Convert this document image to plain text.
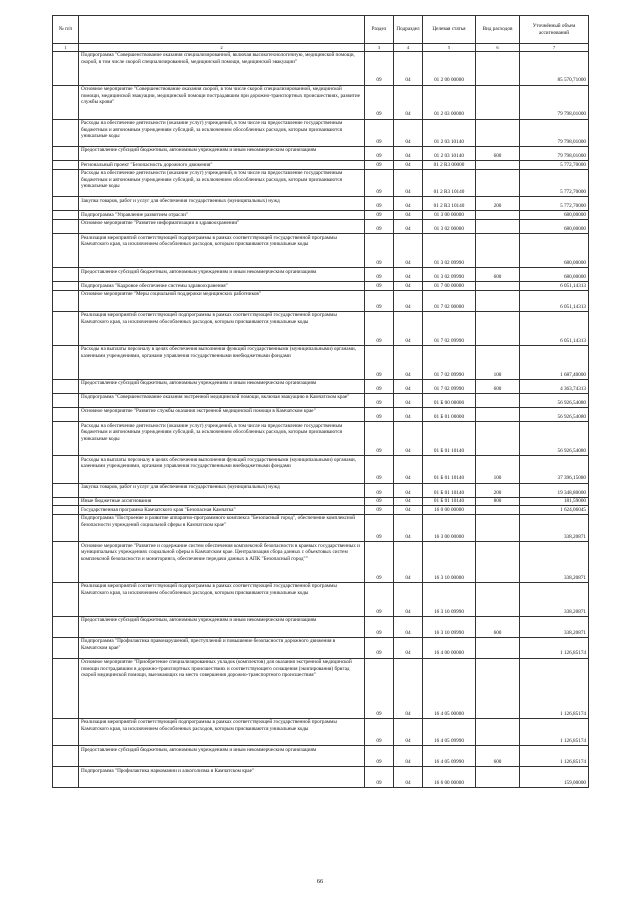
№ п/п		Раздел	Подраздел	Целевая статья	Вид расходов	Уточнённый объем ассигнований
1	2	3	4	5	6	7
	Подпрограмма "Совершенствование оказания специализированной, включая высокотехнологичную, медицинской помощи, скорой, в том числе скорой специализированной, медицинской помощи, медицинской эвакуации"	09	04	01 2 00 00000		85 570,71000
	Основное мероприятие "Совершенствование оказания скорой, в том числе скорой специализированной, медицинской помощи, медицинской эвакуации, медицинской помощи пострадавшим при дорожно-транспортных происшествиях, развитие службы крови"	09	04	01 2 03 00000		79 798,01000
	Расходы на обеспечение деятельности (оказание услуг) учреждений, в том числе на предоставление государственным бюджетным и автономным учреждениям субсидий, за исключением обособленных расходов, которым присваиваются уникальные коды	09	04	01 2 03 10140		79 798,01000
	Предоставление субсидий бюджетным, автономным учреждениям и иным некоммерческим организациям	09	04	01 2 03 10140	600	79 798,01000
	Региональный проект "Безопасность дорожного движения"	09	04	01 2 R3 00000		5 772,70000
	Расходы на обеспечение деятельности (оказание услуг) учреждений, в том числе на предоставление государственным бюджетным и автономным учреждениям субсидий, за исключением обособленных расходов, которым присваиваются уникальные коды	09	04	01 2 R3 10140		5 772,70000
	Закупка товаров, работ и услуг для обеспечения государственных (муниципальных) нужд	09	04	01 2 R3 10140	200	5 772,70000
	Подпрограмма "Управление развитием отрасли"	09	04	01 3 00 00000		680,00000
	Основное мероприятие "Развитие информатизации в здравоохранении"	09	04	01 3 02 00000		680,00000
	Реализация мероприятий соответствующей подпрограммы в рамках соответствующей государственной программы Камчатского края, за исключением обособленных расходов, которым присваиваются уникальные коды	09	04	01 3 02 09990		680,00000
	Предоставление субсидий бюджетным, автономным учреждениям и иным некоммерческим организациям	09	04	01 3 02 09990	600	680,00000
	Подпрограмма "Кадровое обеспечение системы здравоохранения"	09	04	01 7 00 00000		6 051,14313
	Основное мероприятие "Меры социальной поддержки медицинских работников"	09	04	01 7 02 00000		6 051,14313
	Реализация мероприятий соответствующей подпрограммы в рамках соответствующей государственной программы Камчатского края, за исключением обособленных расходов, которым присваиваются уникальные коды	09	04	01 7 02 09990		6 051,14313
	Расходы на выплаты персоналу в целях обеспечения выполнения функций государственными (муниципальными) органами, казенными учреждениями, органами управления государственными внебюджетными фондами	09	04	01 7 02 09990	100	1 687,40000
	Предоставление субсидий бюджетным, автономным учреждениям и иным некоммерческим организациям	09	04	01 7 02 09990	600	4 363,74313
	Подпрограмма "Совершенствование оказания экстренной медицинской помощи, включая эвакуацию в Камчатском крае"	09	04	01 Б 00 00000		56 926,54080
	Основное мероприятие "Развитие службы оказания экстренной медицинской помощи в Камчатском крае"	09	04	01 Б 01 00000		56 926,54080
	Расходы на обеспечение деятельности (оказание услуг) учреждений, в том числе на предоставление государственным бюджетным и автономным учреждениям субсидий, за исключением обособленных расходов, которым присваиваются уникальные коды	09	04	01 Б 01 10140		56 926,54080
	Расходы на выплаты персоналу в целях обеспечения выполнения функций государственными (муниципальными) органами, казенными учреждениями, органами управления государственными внебюджетными фондами	09	04	01 Б 01 10140	100	37 396,15080
	Закупка товаров, работ и услуг для обеспечения государственных (муниципальных) нужд	09	04	01 Б 01 10140	200	19 348,80000
	Иные бюджетные ассигнования	09	04	01 Б 01 10140	800	181,59000
	Государственная программа Камчатского края "Безопасная Камчатка"	09	04	16 0 00 00000		1 624,06045
	Подпрограмма "Построение и развитие аппаратно-программного комплекса "Безопасный город", обеспечение комплексной безопасности учреждений социальной сферы в Камчатском крае"	09	04	16 3 00 00000		338,20871
	Основное мероприятие "Развитие и содержание систем обеспечения комплексной безопасности в краевых государственных и муниципальных учреждениях социальной сферы в Камчатском крае. Централизация сбора данных с объектовых систем комплексной безопасности и мониторинга, обеспечение передачи данных в АПК "Безопасный город""	09	04	16 3 10 00000		338,20871
	Реализация мероприятий соответствующей подпрограммы в рамках соответствующей государственной программы Камчатского края, за исключением обособленных расходов, которым присваиваются уникальные коды	09	04	16 3 10 09990		338,20871
	Предоставление субсидий бюджетным, автономным учреждениям и иным некоммерческим организациям	09	04	16 3 10 09990	600	338,20871
	Подпрограмма "Профилактика правонарушений, преступлений и повышение безопасности дорожного движения в Камчатском крае"	09	04	16 4 00 00000		1 126,85174
	Основное мероприятие "Приобретение специализированных укладок (комплектов) для оказания экстренной медицинской помощи пострадавшим в дорожно-транспортных происшествиях и соответствующего оснащения (экипирования) бригад скорой медицинской помощи, выезжающих на место совершения дорожно-транспортного происшествия"	09	04	16 4 05 00000		1 126,85174
	Реализация мероприятий соответствующей подпрограммы в рамках соответствующей государственной программы Камчатского края, за исключением обособленных расходов, которым присваиваются уникальные коды	09	04	16 4 05 09990		1 126,85174
	Предоставление субсидий бюджетным, автономным учреждениям и иным некоммерческим организациям	09	04	16 4 05 09990	600	1 126,85174
	Подпрограмма "Профилактика наркомании и алкоголизма в Камчатском крае"	09	04	16 6 00 00000		159,00000
66
